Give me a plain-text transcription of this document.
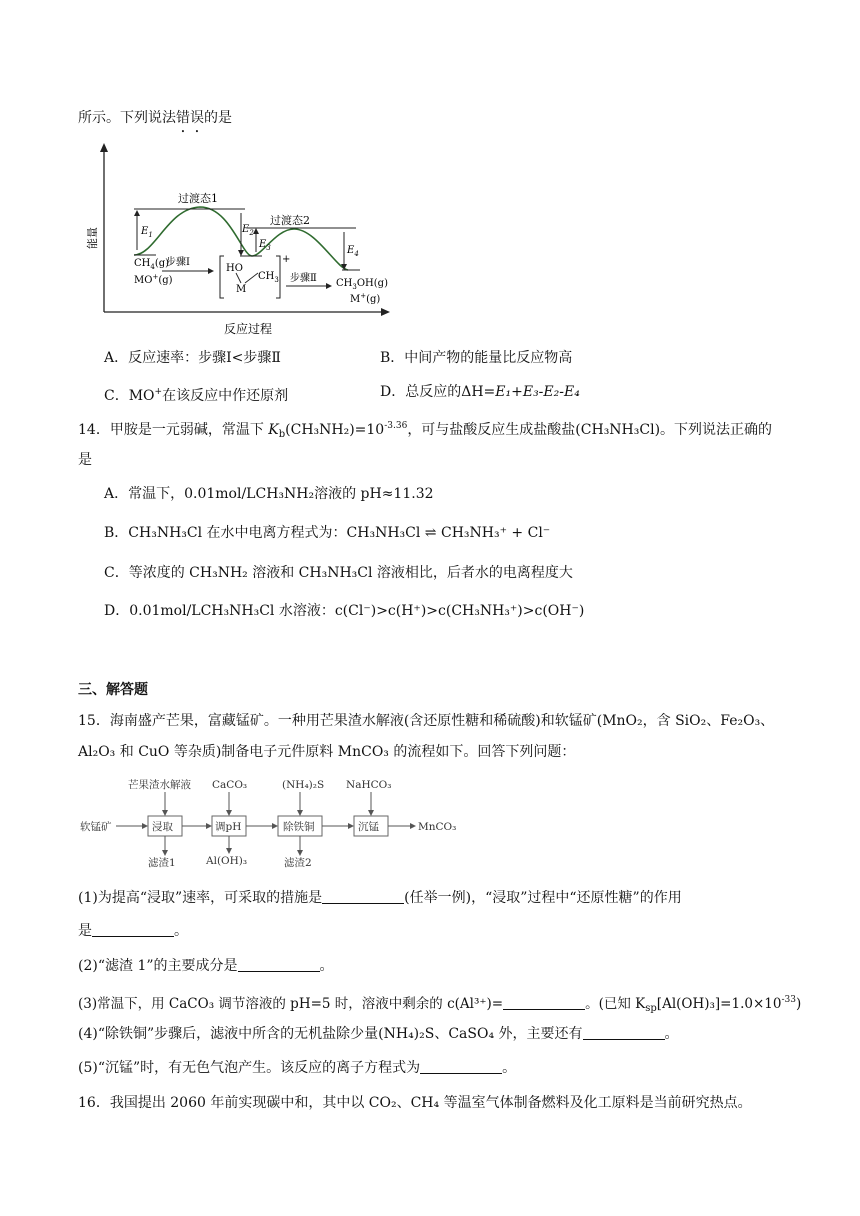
所示。下列说法错误的是
能量
过渡态1
过渡态2
$E_1$	$E_2$
$E_3$	$E_4$
$CH_4(g)$
MO+(g)
步骤Ⅰ
HO
M
$CH_3$
+
步骤Ⅱ $CH_3OH(g)$
M+(g)
反应过程
A．反应速率：步骤Ⅰ<步骤Ⅱ	B．中间产物的能量比反应物高
C．MO+在该反应中作还原剂	D．总反应的ΔH=E₁+E₃-E₂-E₄
14．甲胺是一元弱碱，常温下 $K_b(CH_3NH_2)=10^{-3.36}$，可与盐酸反应生成盐酸盐(CH₃NH₃Cl)。下列说法正确的
是
A．常温下，0.01mol/LCH₃NH₂溶液的 pH≈11.32
B．CH₃NH₃Cl 在水中电离方程式为：CH₃NH₃Cl ⇌ CH₃NH₃⁺ + Cl⁻
C．等浓度的 CH₃NH₂ 溶液和 CH₃NH₃Cl 溶液相比，后者水的电离程度大
D．0.01mol/LCH₃NH₃Cl 水溶液：c(Cl⁻)>c(H⁺)>c(CH₃NH₃⁺)>c(OH⁻)
三、解答题
15．海南盛产芒果，富藏锰矿。一种用芒果渣水解液(含还原性糖和稀硫酸)和软锰矿(MnO₂，含 SiO₂、Fe₂O₃、
Al₂O₃ 和 CuO 等杂质)制备电子元件原料 MnCO₃ 的流程如下。回答下列问题：
软锰矿	浸取	调pH	除铁铜	沉锰	MnCO₃
芒果渣水解液 CaCO₃	(NH₄)₂S NaHCO₃
滤渣1	Al(OH)₃	滤渣2
(1)为提高“浸取”速率，可采取的措施是	(任举一例)，“浸取”过程中“还原性糖”的作用
是	。
(2)“滤渣 1”的主要成分是	。
(3)常温下，用 CaCO₃ 调节溶液的 pH=5 时，溶液中剩余的 c(Al³⁺)=	。(已知 $K_{sp}[Al(OH)_3]=1.0\times 10^{-33}$)
(4)“除铁铜”步骤后，滤液中所含的无机盐除少量(NH₄)₂S、CaSO₄ 外，主要还有	。
(5)“沉锰”时，有无色气泡产生。该反应的离子方程式为	。
16．我国提出 2060 年前实现碳中和，其中以 CO₂、CH₄ 等温室气体制备燃料及化工原料是当前研究热点。
